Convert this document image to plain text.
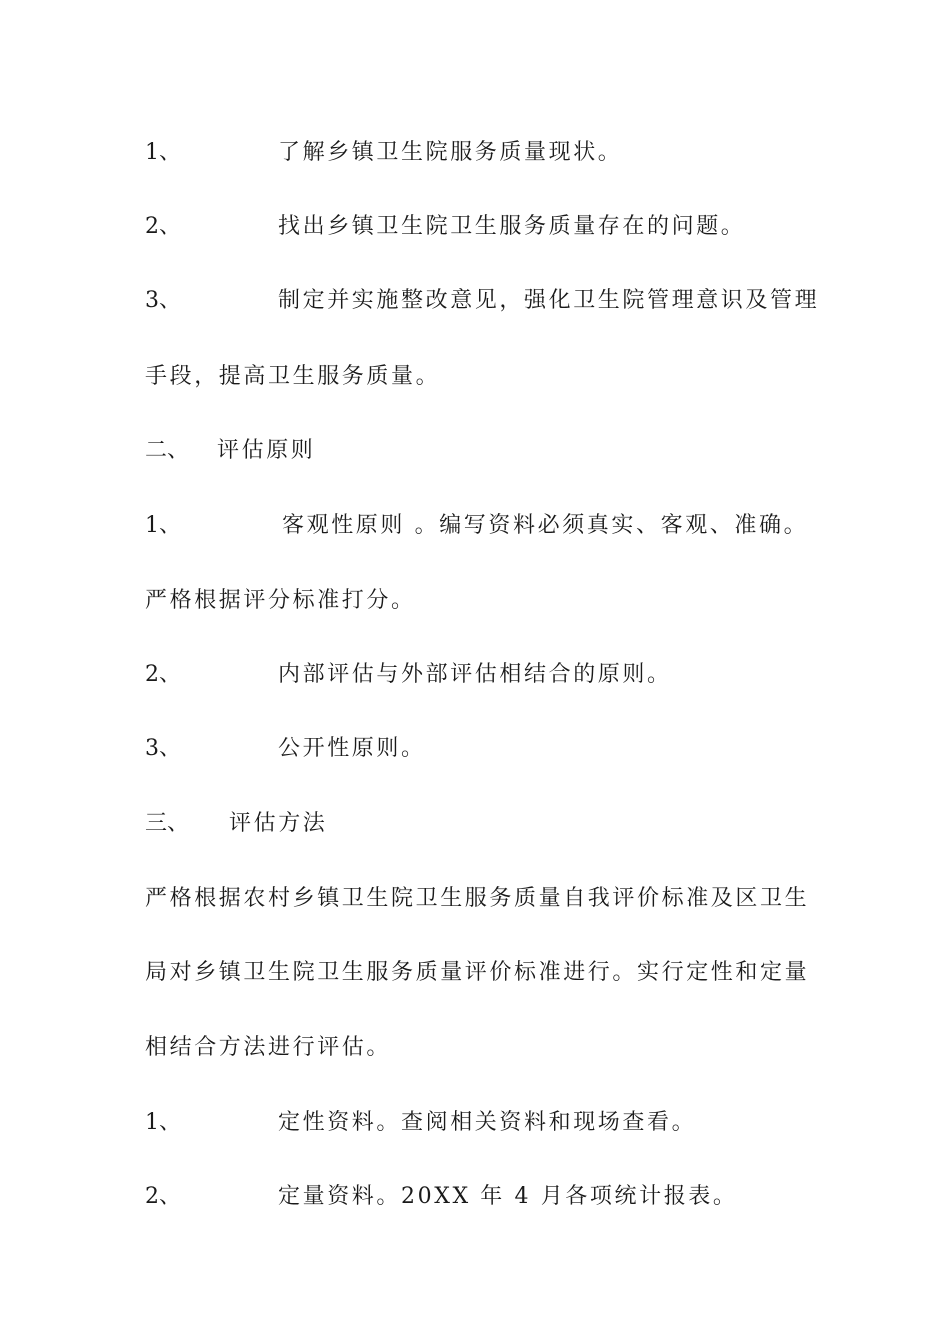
1、	了解乡镇卫生院服务质量现状。
2、	找出乡镇卫生院卫生服务质量存在的问题。
3、	制定并实施整改意见，强化卫生院管理意识及管理
手段，提高卫生服务质量。
二、 评估原则
1、	客观性原则 。编写资料必须真实、客观、准确。
严格根据评分标准打分。
2、	内部评估与外部评估相结合的原则。
3、	公开性原则。
三、 评估方法
严格根据农村乡镇卫生院卫生服务质量自我评价标准及区卫生
局对乡镇卫生院卫生服务质量评价标准进行。实行定性和定量
相结合方法进行评估。
1、	定性资料。查阅相关资料和现场查看。
2、	定量资料。20XX 年 4 月各项统计报表。
